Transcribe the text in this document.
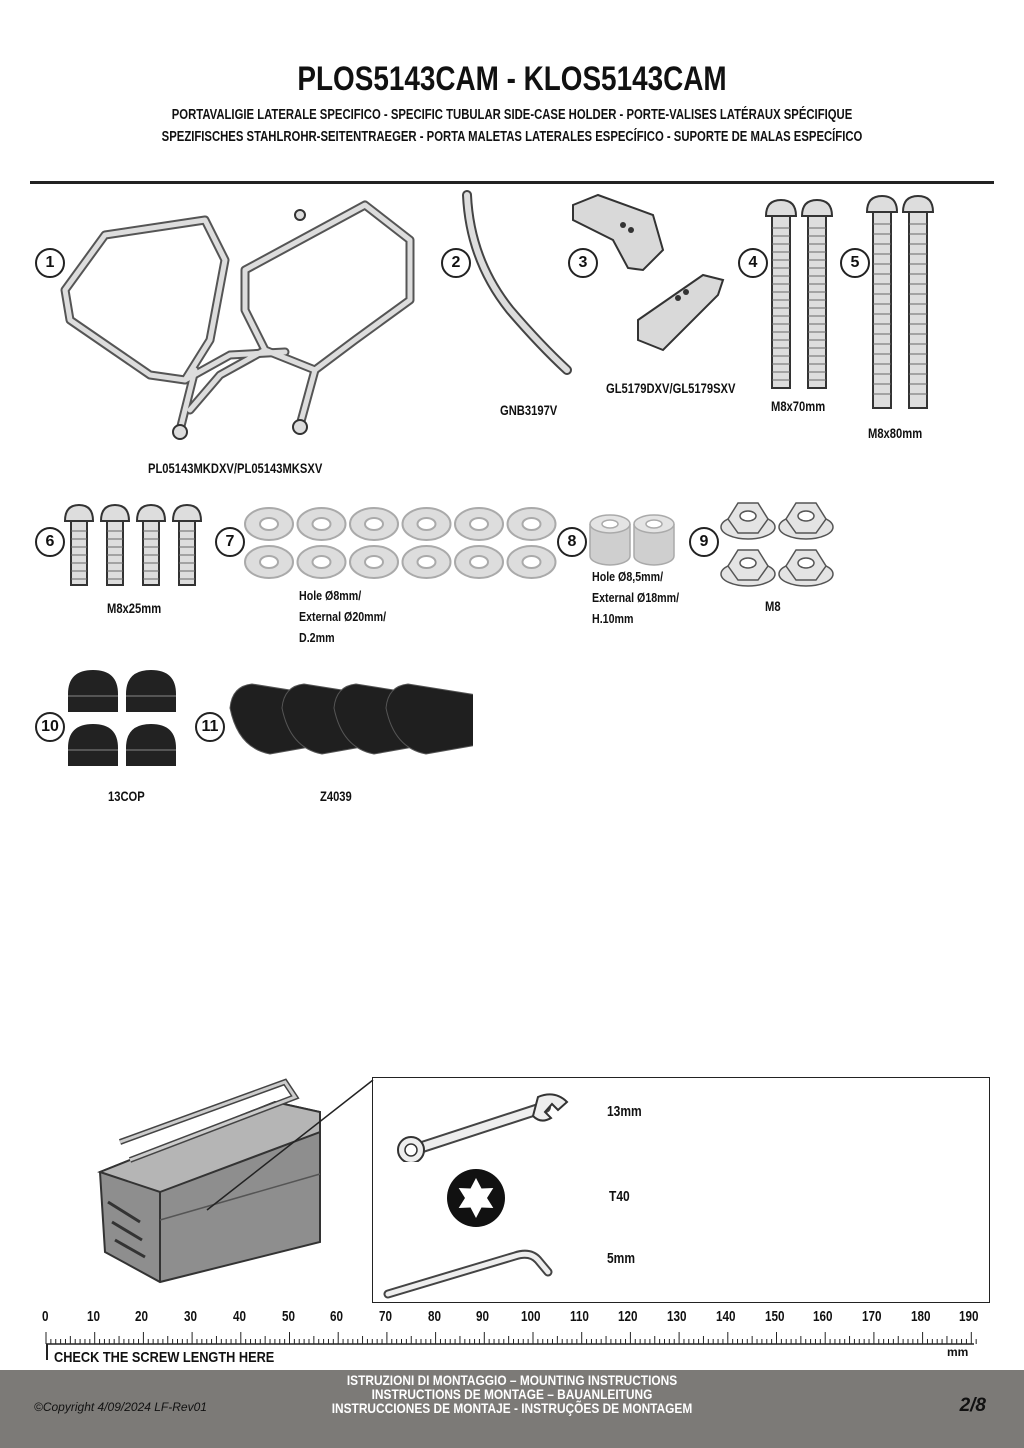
PLOS5143CAM - KLOS5143CAM
PORTAVALIGIE LATERALE SPECIFICO - SPECIFIC TUBULAR SIDE-CASE HOLDER - PORTE-VALISES LATÉRAUX SPÉCIFIQUE
SPEZIFISCHES STAHLROHR-SEITENTRAEGER - PORTA MALETAS LATERALES ESPECÍFICO - SUPORTE DE MALAS ESPECÍFICO
1
PL05143MKDXV/PL05143MKSXV
2
GNB3197V
3
GL5179DXV/GL5179SXV
4
M8x70mm
5
M8x80mm
6
M8x25mm
7
Hole Ø8mm/
External Ø20mm/
D.2mm
8
Hole Ø8,5mm/
External Ø18mm/
H.10mm
9
M8
10
13COP
11
Z4039
13mm
T40
5mm
CHECK THE SCREW LENGTH HERE	mm
©Copyright 4/09/2024 LF-Rev01
ISTRUZIONI DI MONTAGGIO – MOUNTING INSTRUCTIONS
INSTRUCTIONS DE MONTAGE – BAUANLEITUNG
INSTRUCCIONES DE MONTAJE - INSTRUÇÕES DE MONTAGEM	2/8
0	10 20 30 40 50 60 70 80 90 100 110 120 130 140 150 160 170 180 190
